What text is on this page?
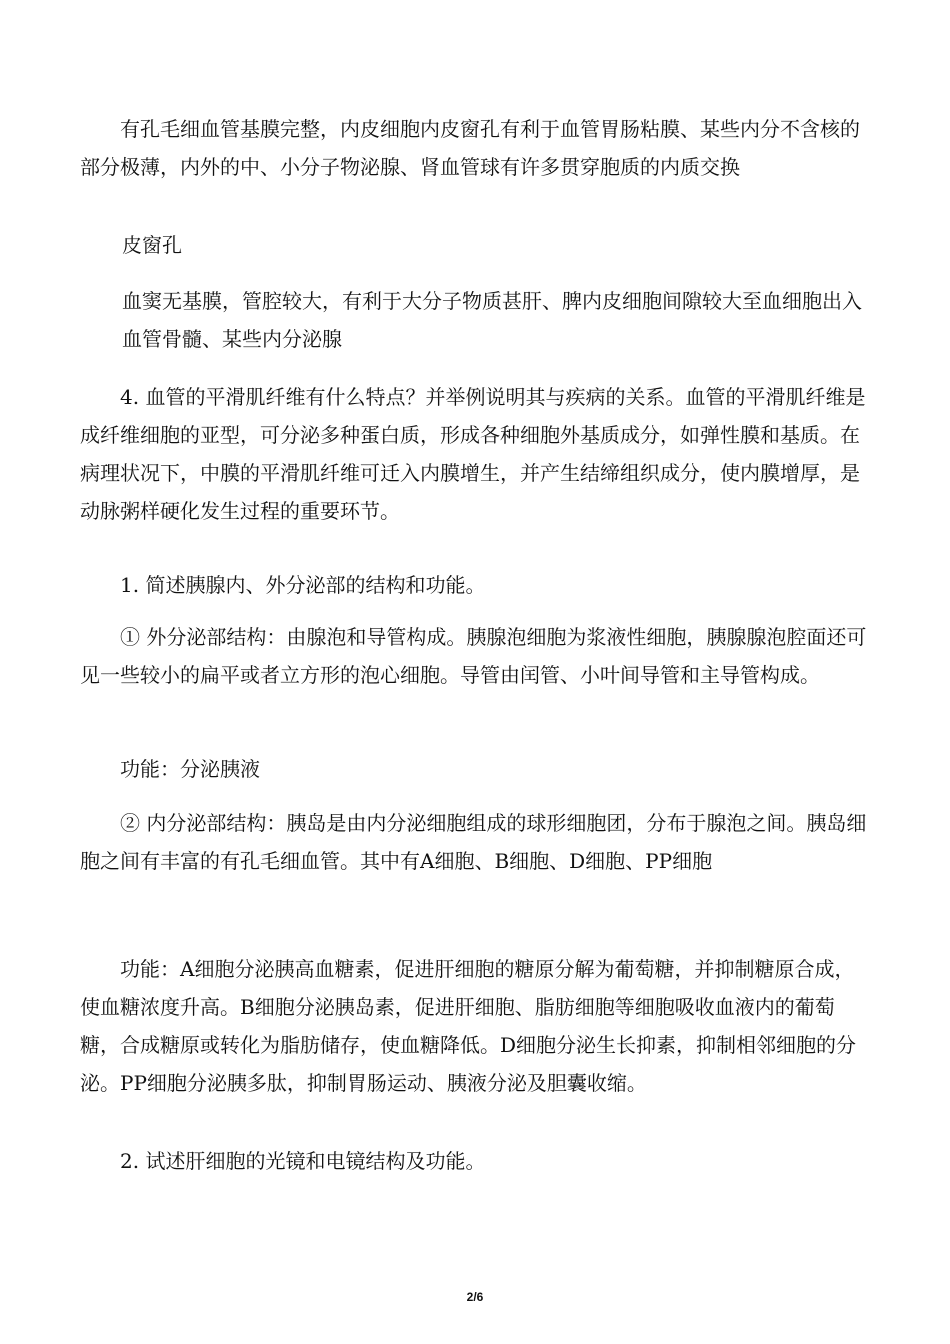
有孔毛细血管基膜完整，内皮细胞内皮窗孔有利于血管胃肠粘膜、某些内分不含核的部分极薄，内外的中、小分子物泌腺、肾血管球有许多贯穿胞质的内质交换

皮窗孔

血窦无基膜，管腔较大，有利于大分子物质甚肝、脾内皮细胞间隙较大至血细胞出入血管骨髓、某些内分泌腺

4. 血管的平滑肌纤维有什么特点？并举例说明其与疾病的关系。血管的平滑肌纤维是成纤维细胞的亚型，可分泌多种蛋白质，形成各种细胞外基质成分，如弹性膜和基质。在病理状况下，中膜的平滑肌纤维可迁入内膜增生，并产生结缔组织成分，使内膜增厚，是动脉粥样硬化发生过程的重要环节。

1. 简述胰腺内、外分泌部的结构和功能。

① 外分泌部结构：由腺泡和导管构成。胰腺泡细胞为浆液性细胞，胰腺腺泡腔面还可见一些较小的扁平或者立方形的泡心细胞。导管由闰管、小叶间导管和主导管构成。

功能：分泌胰液

② 内分泌部结构：胰岛是由内分泌细胞组成的球形细胞团，分布于腺泡之间。胰岛细胞之间有丰富的有孔毛细血管。其中有A细胞、B细胞、D细胞、PP细胞

功能：A细胞分泌胰高血糖素，促进肝细胞的糖原分解为葡萄糖，并抑制糖原合成，使血糖浓度升高。B细胞分泌胰岛素，促进肝细胞、脂肪细胞等细胞吸收血液内的葡萄糖，合成糖原或转化为脂肪储存，使血糖降低。D细胞分泌生长抑素，抑制相邻细胞的分泌。PP细胞分泌胰多肽，抑制胃肠运动、胰液分泌及胆囊收缩。

2. 试述肝细胞的光镜和电镜结构及功能。

2/6
